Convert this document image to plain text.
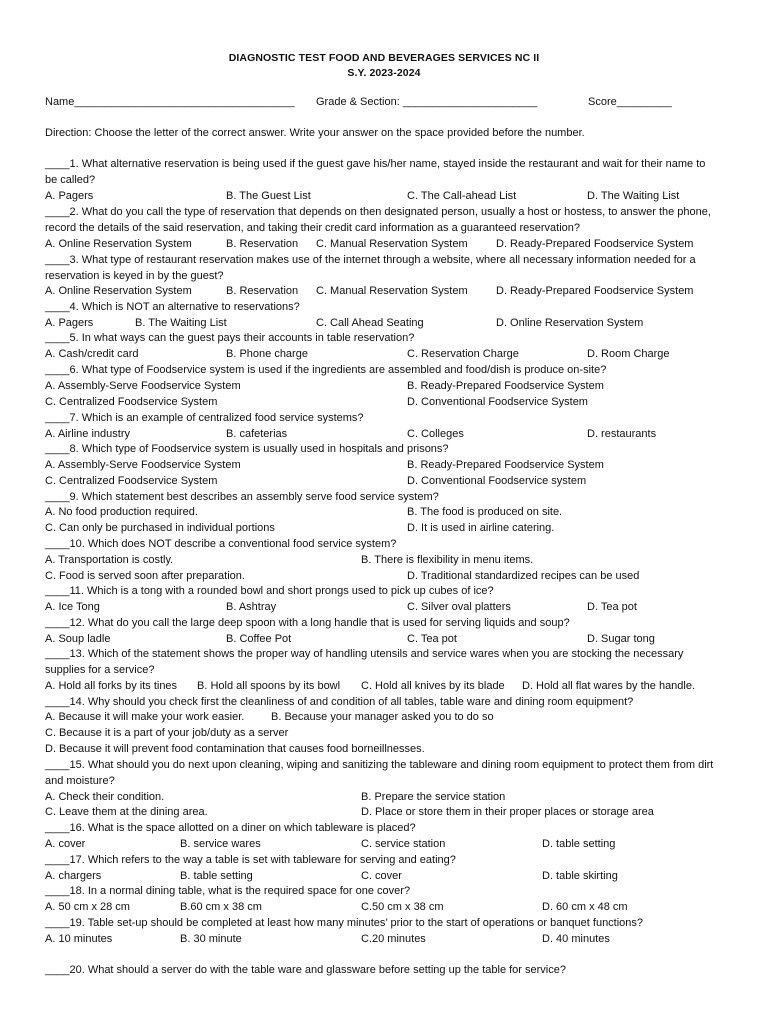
DIAGNOSTIC TEST FOOD AND BEVERAGES SERVICES NC II
S.Y. 2023-2024
Name____________________________________ Grade & Section: ______________________	Score_________
Direction: Choose the letter of the correct answer. Write your answer on the space provided before the number.
____1. What alternative reservation is being used if the guest gave his/her name, stayed inside the restaurant and wait for their name to be called?
A. Pagers	B. The Guest List	C. The Call-ahead List	D. The Waiting List
____2. What do you call the type of reservation that depends on then designated person, usually a host or hostess, to answer the phone, record the details of the said reservation, and taking their credit card information as a guaranteed reservation?
A. Online Reservation System	B. Reservation C. Manual Reservation System	D. Ready-Prepared Foodservice System
____3. What type of restaurant reservation makes use of the internet through a website, where all necessary information needed for a reservation is keyed in by the guest?
A. Online Reservation System	B. Reservation C. Manual Reservation System	D. Ready-Prepared Foodservice System
____4. Which is NOT an alternative to reservations?
A. Pagers	B. The Waiting List	C. Call Ahead Seating	D. Online Reservation System
____5. In what ways can the guest pays their accounts in table reservation?
A. Cash/credit card	B. Phone charge	C. Reservation Charge	D. Room Charge
____6. What type of Foodservice system is used if the ingredients are assembled and food/dish is produce on-site?
A. Assembly-Serve Foodservice System	B. Ready-Prepared Foodservice System
C. Centralized Foodservice System	D. Conventional Foodservice System
____7. Which is an example of centralized food service systems?
A. Airline industry	B. cafeterias	C. Colleges	D. restaurants
____8. Which type of Foodservice system is usually used in hospitals and prisons?
A. Assembly-Serve Foodservice System	B. Ready-Prepared Foodservice System
C. Centralized Foodservice System	D. Conventional Foodservice system
____9. Which statement best describes an assembly serve food service system?
A. No food production required.	B. The food is produced on site.
C. Can only be purchased in individual portions	D. It is used in airline catering.
____10. Which does NOT describe a conventional food service system?
A. Transportation is costly.	B. There is flexibility in menu items.
C. Food is served soon after preparation.	D. Traditional standardized recipes can be used
____11. Which is a tong with a rounded bowl and short prongs used to pick up cubes of ice?
A. Ice Tong	B. Ashtray	C. Silver oval platters	D. Tea pot
____12. What do you call the large deep spoon with a long handle that is used for serving liquids and soup?
A. Soup ladle	B. Coffee Pot	C. Tea pot	D. Sugar tong
____13. Which of the statement shows the proper way of handling utensils and service wares when you are stocking the necessary supplies for a service?
A. Hold all forks by its tines B. Hold all spoons by its bowl C. Hold all knives by its blade D. Hold all flat wares by the handle.
____14. Why should you check first the cleanliness of and condition of all tables, table ware and dining room equipment?
A. Because it will make your work easier. B. Because your manager asked you to do so
C. Because it is a part of your job/duty as a server
D. Because it will prevent food contamination that causes food borneillnesses.
____15. What should you do next upon cleaning, wiping and sanitizing the tableware and dining room equipment to protect them from dirt and moisture?
A. Check their condition.	B. Prepare the service station
C. Leave them at the dining area.	D. Place or store them in their proper places or storage area
____16. What is the space allotted on a diner on which tableware is placed?
A. cover	B. service wares	C. service station	D. table setting
____17. Which refers to the way a table is set with tableware for serving and eating?
A. chargers	B. table setting	C. cover	D. table skirting
____18. In a normal dining table, what is the required space for one cover?
A. 50 cm x 28 cm	B.60 cm x 38 cm	C.50 cm x 38 cm	D. 60 cm x 48 cm
____19. Table set-up should be completed at least how many minutes’ prior to the start of operations or banquet functions?
A. 10 minutes	B. 30 minute	C.20 minutes	D. 40 minutes
____20. What should a server do with the table ware and glassware before setting up the table for service?
